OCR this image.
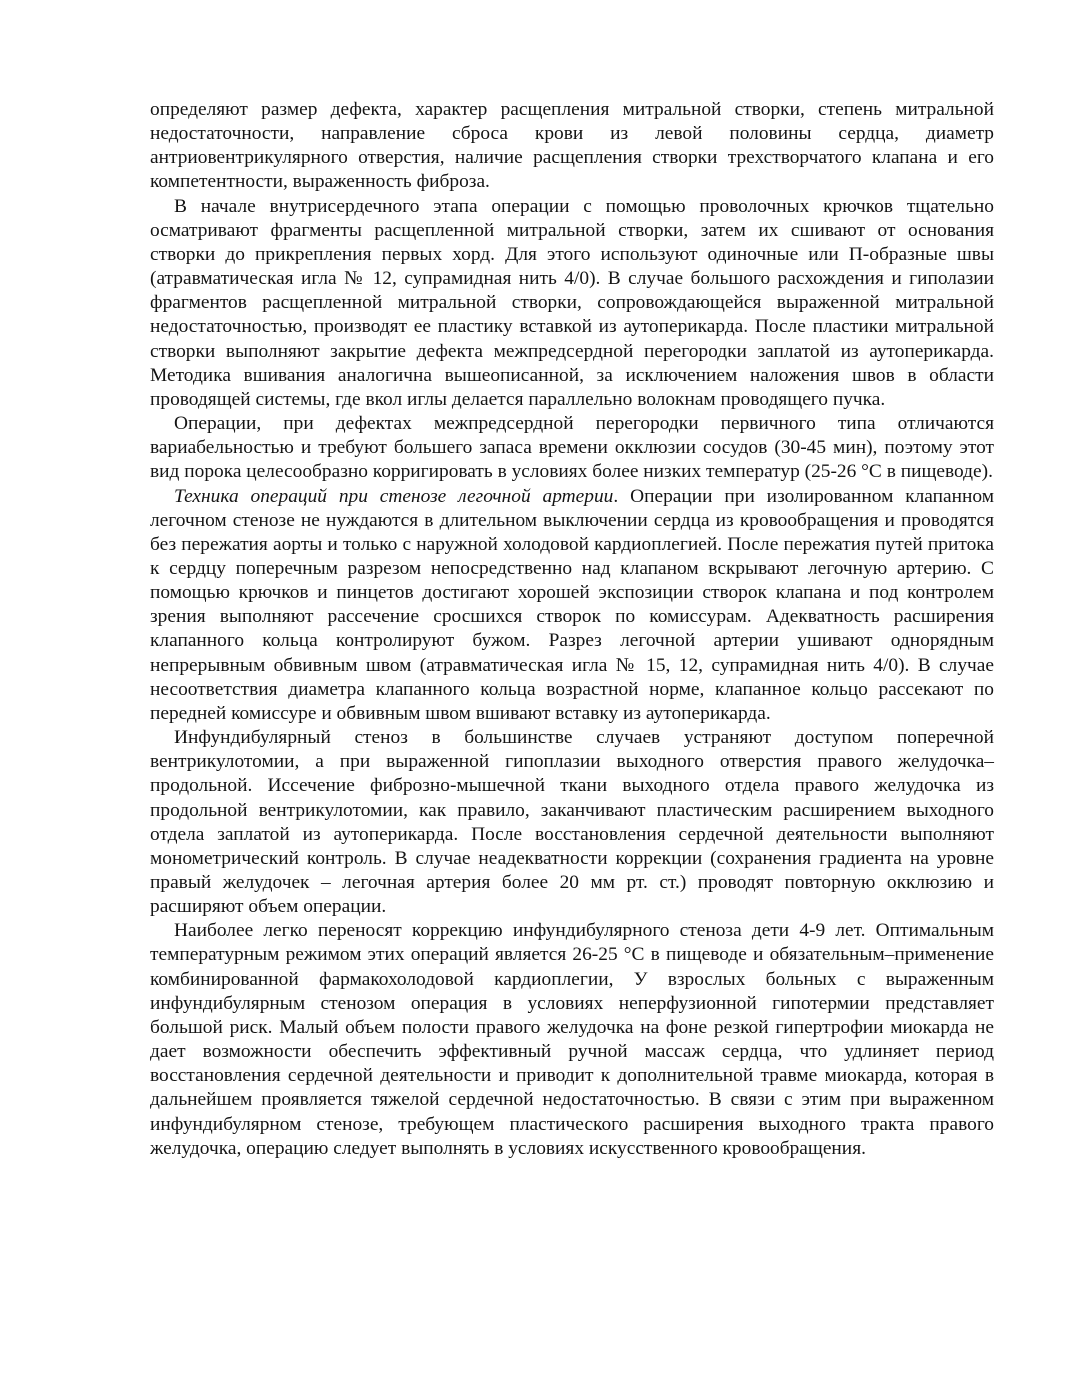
определяют размер дефекта, характер расщепления митральной створки, степень митральной недостаточности, направление сброса крови из левой половины сердца, диаметр антриовентрикулярного отверстия, наличие расщепления створки трехстворчатого клапана и его компетентности, выраженность фиброза.

В начале внутрисердечного этапа операции с помощью проволочных крючков тщательно осматривают фрагменты расщепленной митральной створки, затем их сшивают от основания створки до прикрепления первых хорд. Для этого используют одиночные или П-образные швы (атравматическая игла № 12, супрамидная нить 4/0). В случае большого расхождения и гиполазии фрагментов расщепленной митральной створки, сопровождающейся выраженной митральной недостаточностью, производят ее пластику вставкой из аутоперикарда. После пластики митральной створки выполняют закрытие дефекта межпредсердной перегородки заплатой из аутоперикарда. Методика вшивания аналогична вышеописанной, за исключением наложения швов в области проводящей системы, где вкол иглы делается параллельно волокнам проводящего пучка.

Операции, при дефектах межпредсердной перегородки первичного типа отличаются вариабельностью и требуют большего запаса времени окклюзии сосудов (30-45 мин), поэтому этот вид порока целесообразно корригировать в условиях более низких температур (25-26 °С в пищеводе).

Техника операций при стенозе легочной артерии. Операции при изолированном клапанном легочном стенозе не нуждаются в длительном выключении сердца из кровообращения и проводятся без пережатия аорты и только с наружной холодовой кардиоплегией. После пережатия путей притока к сердцу поперечным разрезом непосредственно над клапаном вскрывают легочную артерию. С помощью крючков и пинцетов достигают хорошей экспозиции створок клапана и под контролем зрения выполняют рассечение сросшихся створок по комиссурам. Адекватность расширения клапанного кольца контролируют бужом. Разрез легочной артерии ушивают однорядным непрерывным обвивным швом (атравматическая игла № 15, 12, супрамидная нить 4/0). В случае несоответствия диаметра клапанного кольца возрастной норме, клапанное кольцо рассекают по передней комиссуре и обвивным швом вшивают вставку из аутоперикарда.

Инфундибулярный стеноз в большинстве случаев устраняют доступом поперечной вентрикулотомии, а при выраженной гипоплазии выходного отверстия правого желудочка–продольной. Иссечение фиброзно-мышечной ткани выходного отдела правого желудочка из продольной вентрикулотомии, как правило, заканчивают пластическим расширением выходного отдела заплатой из аутоперикарда. После восстановления сердечной деятельности выполняют монометрический контроль. В случае неадекватности коррекции (сохранения градиента на уровне правый желудочек – легочная артерия более 20 мм рт. ст.) проводят повторную окклюзию и расширяют объем операции.

Наиболее легко переносят коррекцию инфундибулярного стеноза дети 4-9 лет. Оптимальным температурным режимом этих операций является 26-25 °С в пищеводе и обязательным–применение комбинированной фармакохолодовой кардиоплегии, У взрослых больных с выраженным инфундибулярным стенозом операция в условиях неперфузионной гипотермии представляет большой риск. Малый объем полости правого желудочка на фоне резкой гипертрофии миокарда не дает возможности обеспечить эффективный ручной массаж сердца, что удлиняет период восстановления сердечной деятельности и приводит к дополнительной травме миокарда, которая в дальнейшем проявляется тяжелой сердечной недостаточностью. В связи с этим при выраженном инфундибулярном стенозе, требующем пластического расширения выходного тракта правого желудочка, операцию следует выполнять в условиях искусственного кровообращения.
